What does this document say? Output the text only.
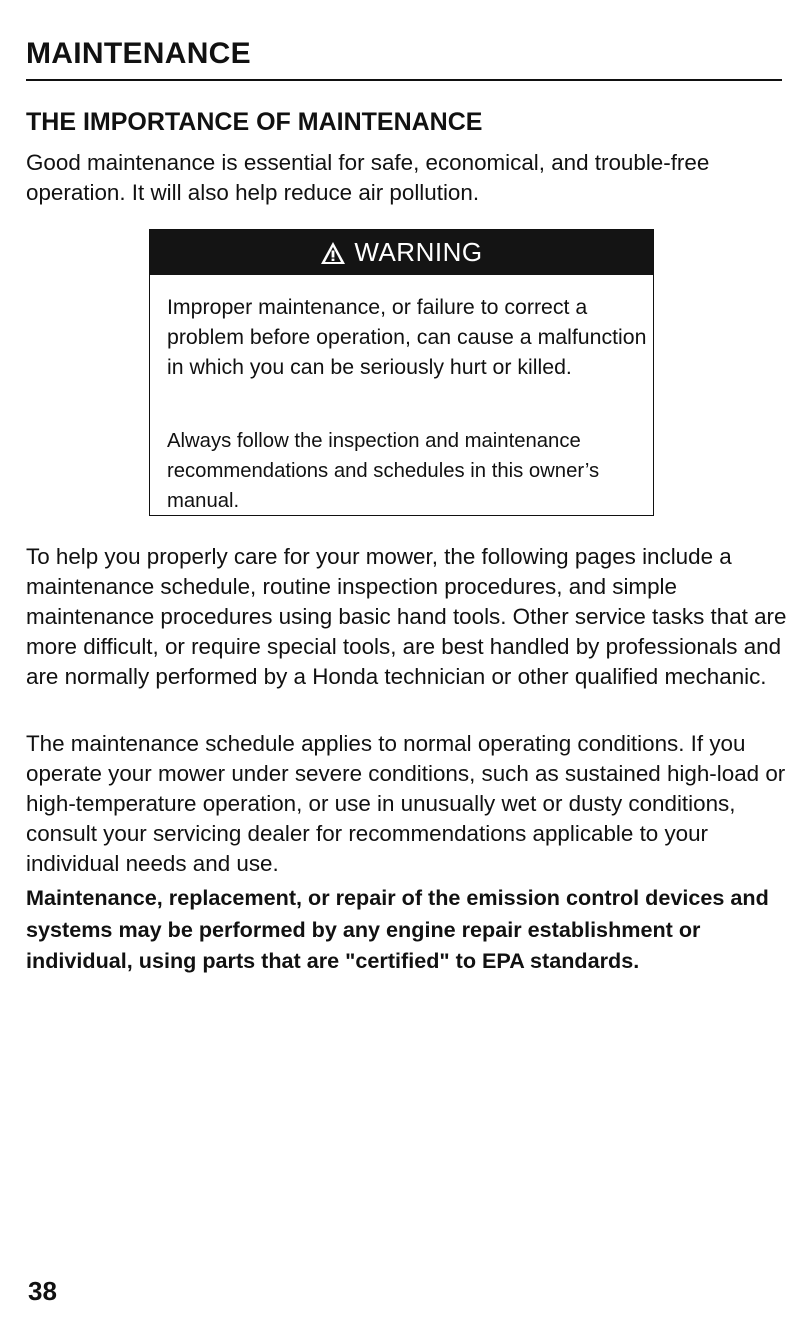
MAINTENANCE
THE IMPORTANCE OF MAINTENANCE

Good maintenance is essential for safe, economical, and trouble-free operation. It will also help reduce air pollution.

WARNING

Improper maintenance, or failure to correct a problem before operation, can cause a malfunction in which you can be seriously hurt or killed.

Always follow the inspection and maintenance recommendations and schedules in this owner’s manual.

To help you properly care for your mower, the following pages include a maintenance schedule, routine inspection procedures, and simple maintenance procedures using basic hand tools. Other service tasks that are more difficult, or require special tools, are best handled by professionals and are normally performed by a Honda technician or other qualified mechanic.

The maintenance schedule applies to normal operating conditions. If you operate your mower under severe conditions, such as sustained high-load or high-temperature operation, or use in unusually wet or dusty conditions, consult your servicing dealer for recommendations applicable to your individual needs and use.

Maintenance, replacement, or repair of the emission control devices and systems may be performed by any engine repair establishment or individual, using parts that are "certified" to EPA standards.

38
